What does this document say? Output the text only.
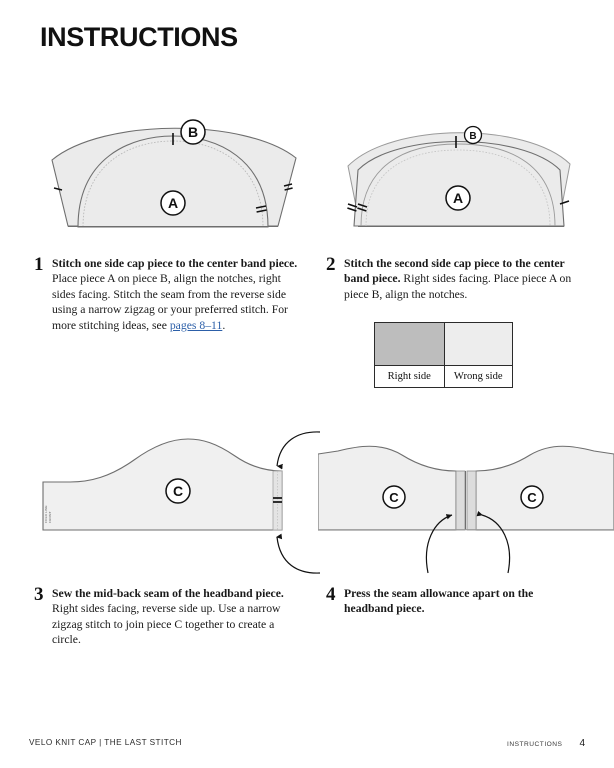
INSTRUCTIONS
A
B
A
B
1 Stitch one side cap piece to the center band piece. Place piece A on piece B, align the notches, right sides facing. Stitch the seam from the reverse side using a narrow zigzag or your preferred stitch. For more stitching ideas, see pages 8–11.
2 Stitch the second side cap piece to the center band piece. Right sides facing. Place piece A on piece B, align the notches.
Right side	Wrong side
FOLD LINE FRONT
C	C	C
3 Sew the mid-back seam of the headband piece. Right sides facing, reverse side up. Use a narrow zigzag stitch to join piece C together to create a circle.
4 Press the seam allowance apart on the headband piece.
VELO KNIT CAP | THE LAST STITCH	INSTRUCTIONS 4
